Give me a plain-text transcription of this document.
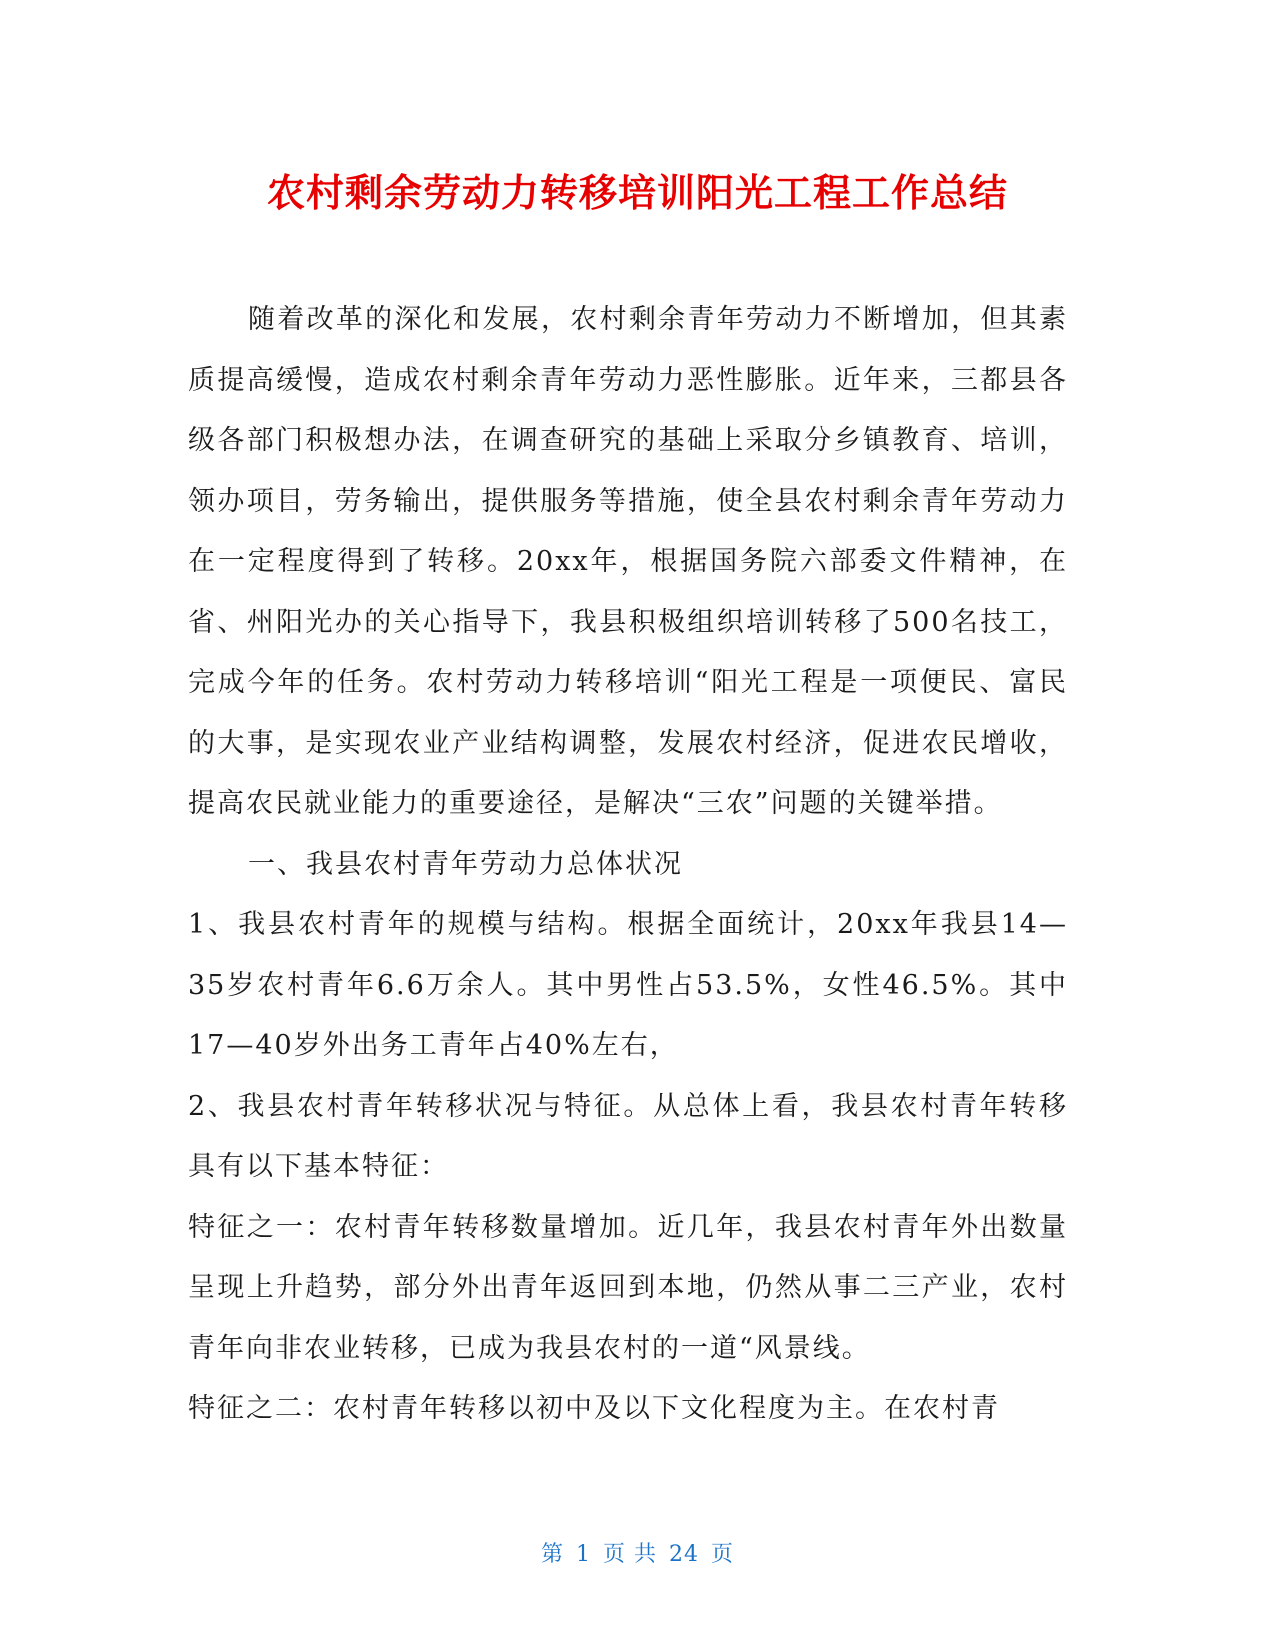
农村剩余劳动力转移培训阳光工程工作总结

随着改革的深化和发展，农村剩余青年劳动力不断增加，但其素质提高缓慢，造成农村剩余青年劳动力恶性膨胀。近年来，三都县各级各部门积极想办法，在调查研究的基础上采取分乡镇教育、培训，领办项目，劳务输出，提供服务等措施，使全县农村剩余青年劳动力在一定程度得到了转移。20xx年，根据国务院六部委文件精神，在省、州阳光办的关心指导下，我县积极组织培训转移了500名技工，完成今年的任务。农村劳动力转移培训“阳光工程是一项便民、富民的大事，是实现农业产业结构调整，发展农村经济，促进农民增收，提高农民就业能力的重要途径，是解决“三农”问题的关键举措。

一、我县农村青年劳动力总体状况

1、我县农村青年的规模与结构。根据全面统计，20xx年我县14—35岁农村青年6.6万余人。其中男性占53.5%，女性46.5%。其中17—40岁外出务工青年占40%左右，

2、我县农村青年转移状况与特征。从总体上看，我县农村青年转移具有以下基本特征：

特征之一：农村青年转移数量增加。近几年，我县农村青年外出数量呈现上升趋势，部分外出青年返回到本地，仍然从事二三产业，农村青年向非农业转移，已成为我县农村的一道“风景线。

特征之二：农村青年转移以初中及以下文化程度为主。在农村青

第 1 页 共 24 页
